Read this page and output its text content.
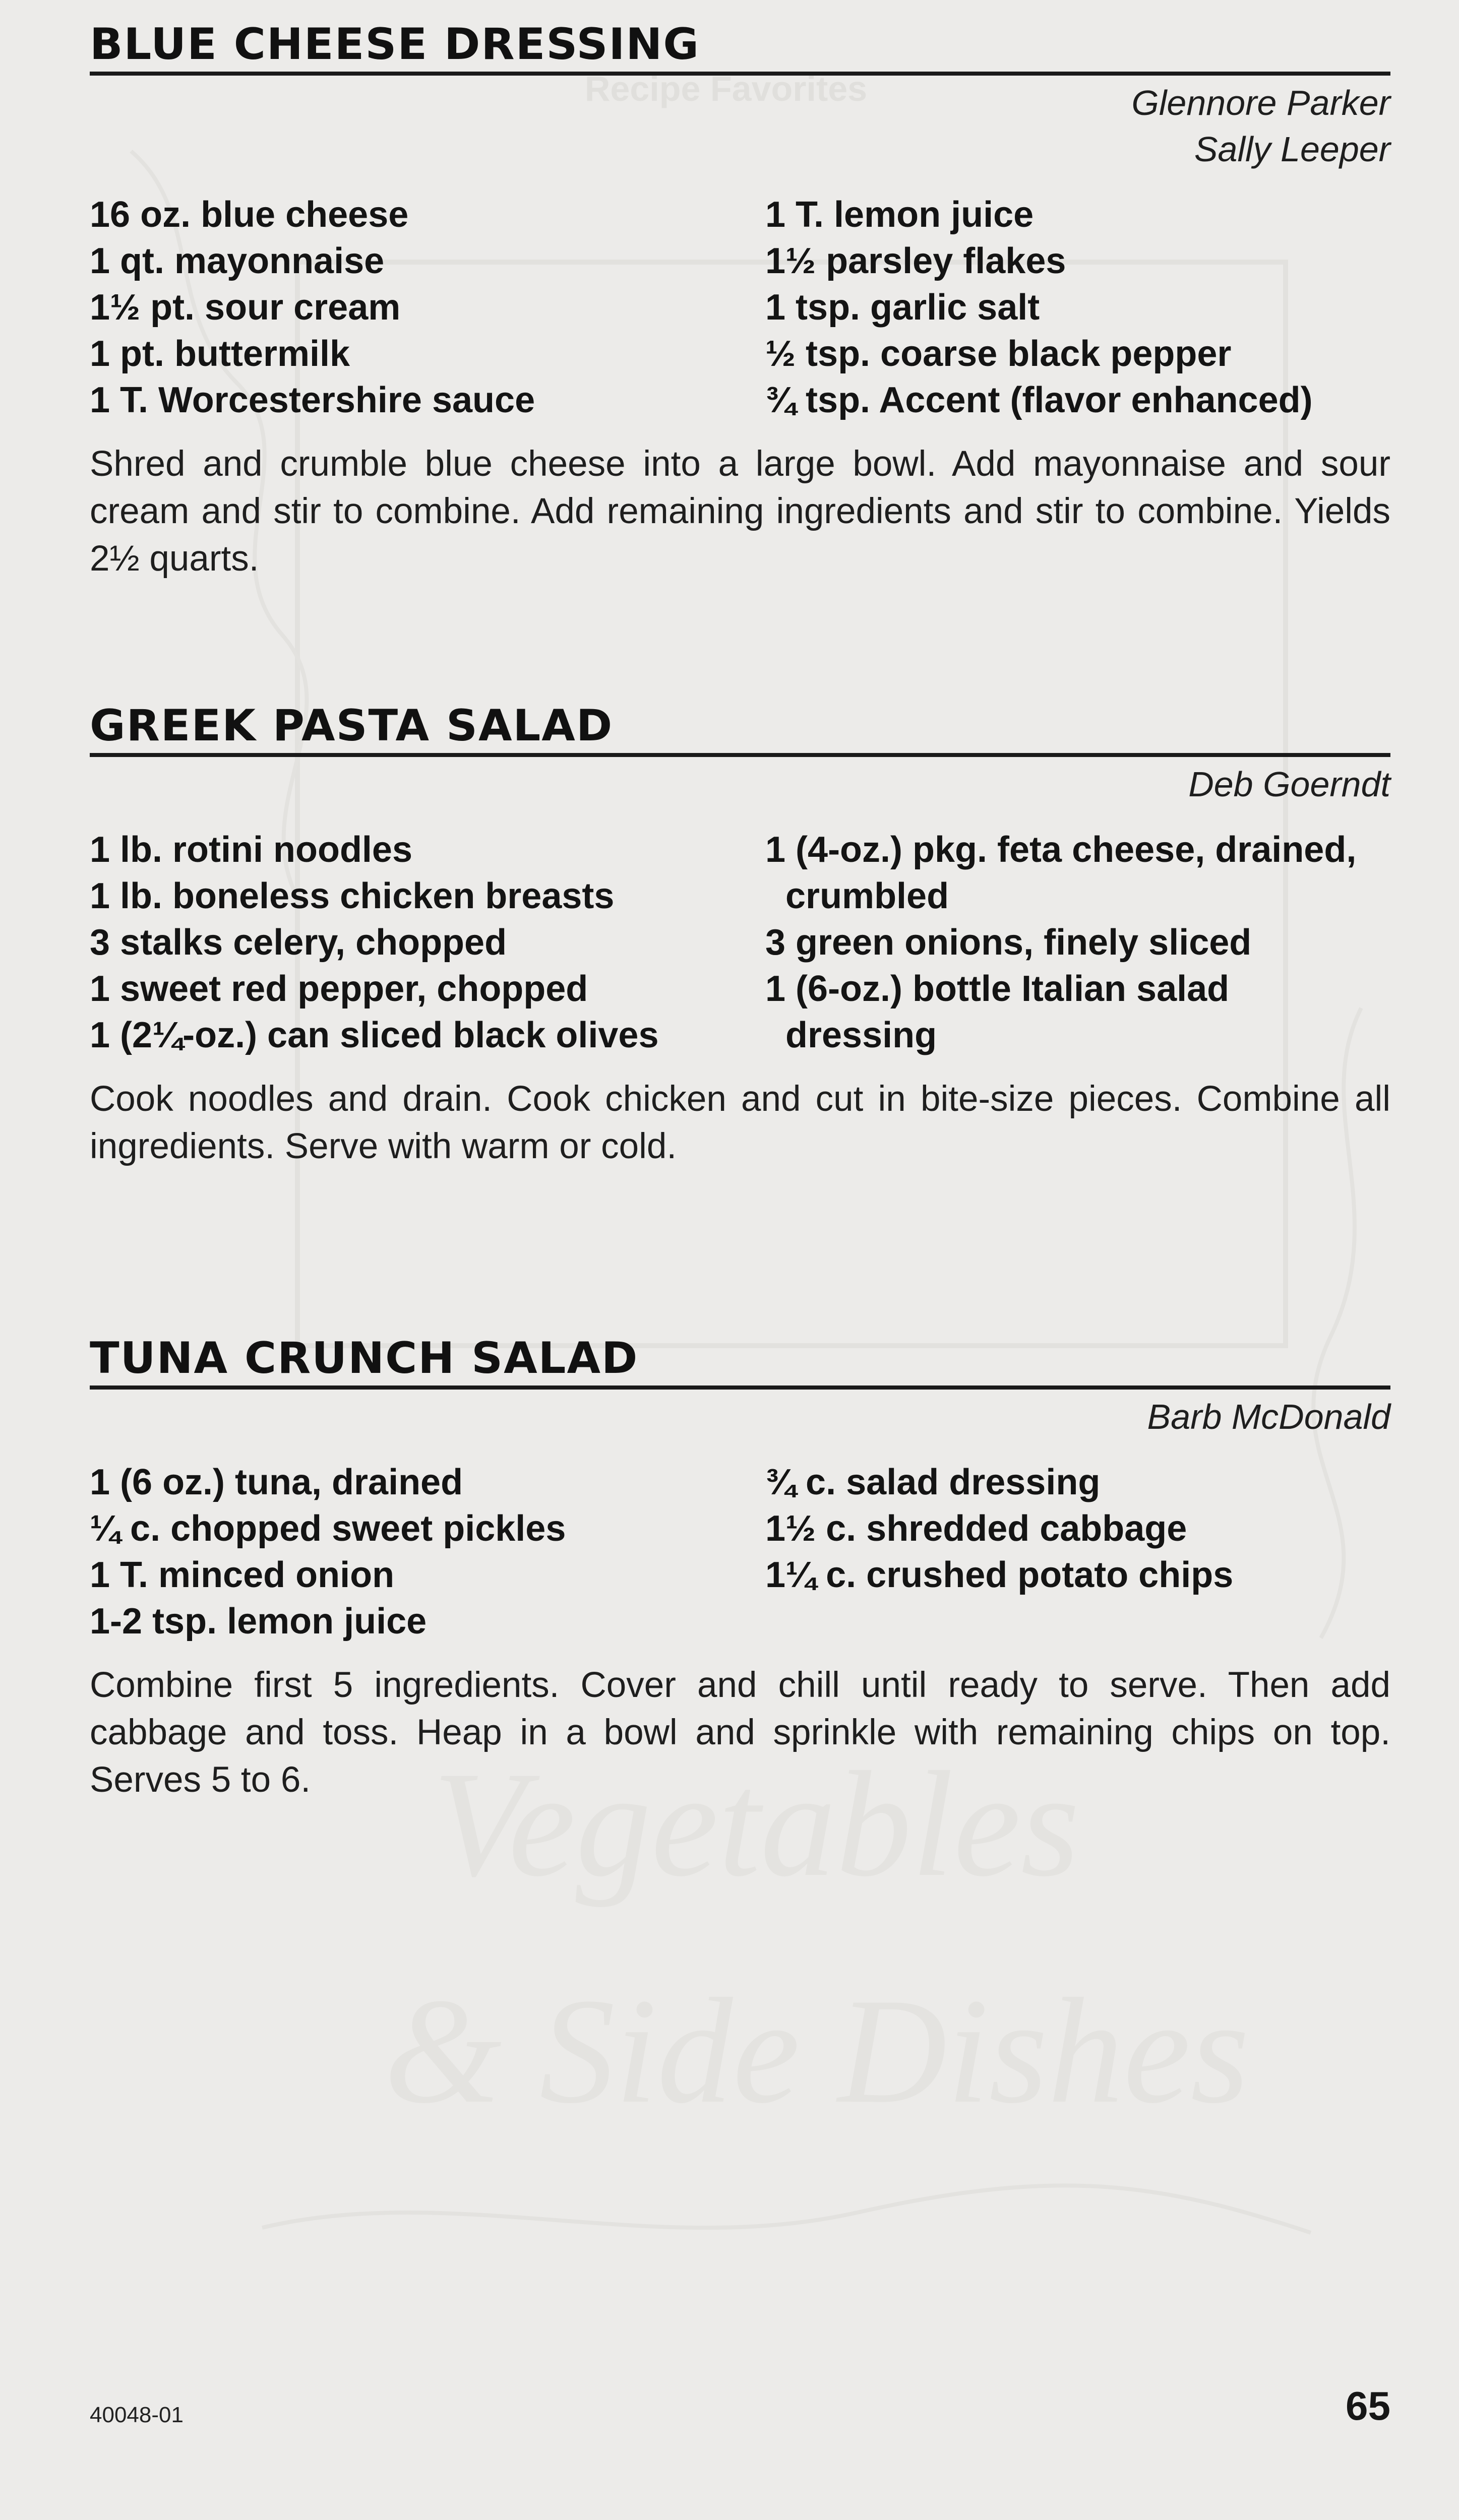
Recipe Favorites
Vegetables
& Side Dishes
BLUE CHEESE DRESSING
Glennore Parker
Sally Leeper
16 oz. blue cheese
1 qt. mayonnaise
1½ pt. sour cream
1 pt. buttermilk
1 T. Worcestershire sauce
1 T. lemon juice
1½ parsley flakes
1 tsp. garlic salt
½ tsp. coarse black pepper
¾ tsp. Accent (flavor enhanced)

Shred and crumble blue cheese into a large bowl. Add mayonnaise and sour cream and stir to combine. Add remaining ingredients and stir to combine. Yields 2½ quarts.

GREEK PASTA SALAD
Deb Goerndt
1 lb. rotini noodles
1 lb. boneless chicken breasts
3 stalks celery, chopped
1 sweet red pepper, chopped
1 (2¼-oz.) can sliced black olives
1 (4-oz.) pkg. feta cheese, drained, crumbled
3 green onions, finely sliced
1 (6-oz.) bottle Italian salad dressing

Cook noodles and drain. Cook chicken and cut in bite-size pieces. Combine all ingredients. Serve with warm or cold.

TUNA CRUNCH SALAD
Barb McDonald
1 (6 oz.) tuna, drained
¼ c. chopped sweet pickles
1 T. minced onion
1-2 tsp. lemon juice
¾ c. salad dressing
1½ c. shredded cabbage
1¼ c. crushed potato chips

Combine first 5 ingredients. Cover and chill until ready to serve. Then add cabbage and toss. Heap in a bowl and sprinkle with remaining chips on top. Serves 5 to 6.

40048-01	65
